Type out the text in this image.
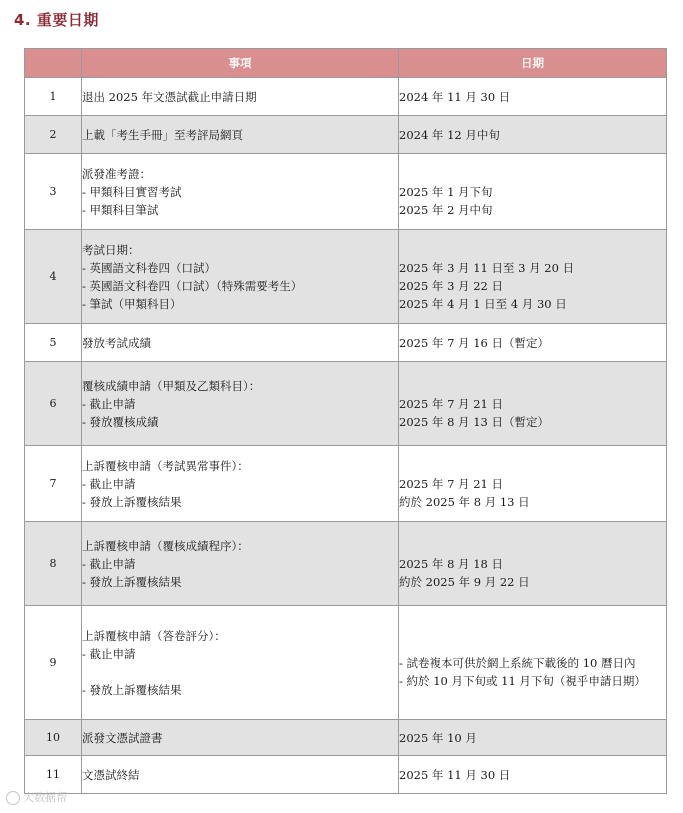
4. 重要日期
	事項	日期
1	退出 2025 年文憑試截止申請日期	2024 年 11 月 30 日

2	上載「考生手冊」至考評局網頁	2024 年 12 月中旬

3	派發准考證：
- 甲類科目實習考試
- 甲類科目筆試	2025 年 1 月下旬
2025 年 2 月中旬

4	考試日期：
- 英國語文科卷四（口試）
- 英國語文科卷四（口試）（特殊需要考生）
- 筆試（甲類科目）	2025 年 3 月 11 日至 3 月 20 日
2025 年 3 月 22 日
2025 年 4 月 1 日至 4 月 30 日

5	發放考試成績	2025 年 7 月 16 日（暫定）

6	覆核成績申請（甲類及乙類科目）：
- 截止申請
- 發放覆核成績	2025 年 7 月 21 日
2025 年 8 月 13 日（暫定）

7	上訴覆核申請（考試異常事件）：
- 截止申請
- 發放上訴覆核結果	2025 年 7 月 21 日
約於 2025 年 8 月 13 日

8	上訴覆核申請（覆核成績程序）：
- 截止申請
- 發放上訴覆核結果	2025 年 8 月 18 日
約於 2025 年 9 月 22 日

9	上訴覆核申請（答卷評分）：
- 截止申請
- 發放上訴覆核結果	- 試卷複本可供於網上系統下載後的 10 曆日內
- 約於 10 月下旬或 11 月下旬（視乎申請日期）

10	派發文憑試證書	2025 年 10 月

11	文憑試終結	2025 年 11 月 30 日
大数据帮
